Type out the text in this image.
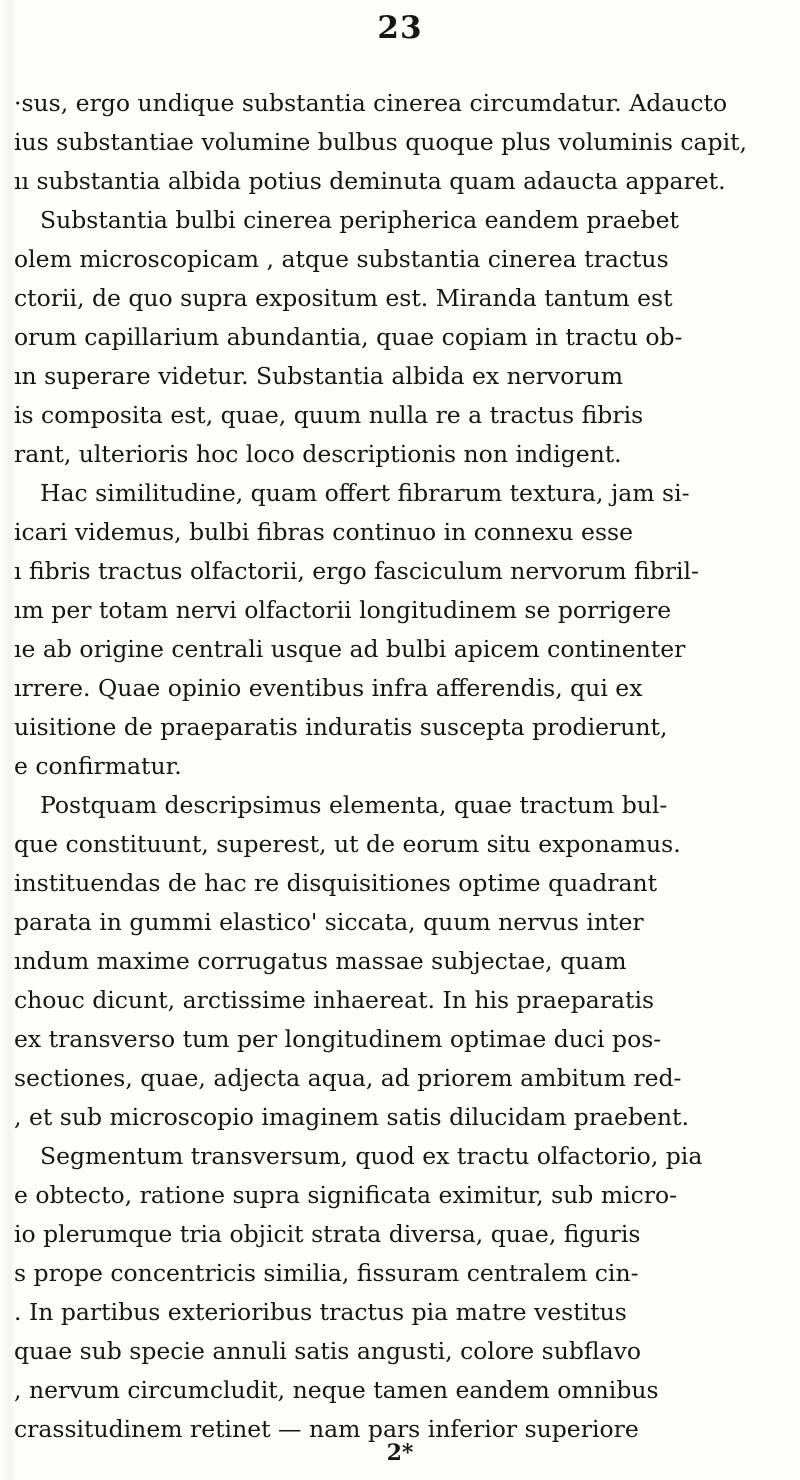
23
·sus, ergo undique substantia cinerea circumdatur. Adaucto
ius substantiae volumine bulbus quoque plus voluminis capit,
ıı substantia albida potius deminuta quam adaucta apparet.
Substantia bulbi cinerea peripherica eandem praebet
olem microscopicam , atque substantia cinerea tractus
ctorii, de quo supra expositum est. Miranda tantum est
orum capillarium abundantia, quae copiam in tractu ob-
ın superare videtur. Substantia albida ex nervorum
is composita est, quae, quum nulla re a tractus fibris
rant, ulterioris hoc loco descriptionis non indigent.
Hac similitudine, quam offert fibrarum textura, jam si-
icari videmus, bulbi fibras continuo in connexu esse
ı fibris tractus olfactorii, ergo fasciculum nervorum fibril-
ım per totam nervi olfactorii longitudinem se porrigere
ıe ab origine centrali usque ad bulbi apicem continenter
ırrere. Quae opinio eventibus infra afferendis, qui ex
uisitione de praeparatis induratis suscepta prodierunt,
e confirmatur.
Postquam descripsimus elementa, quae tractum bul-
que constituunt, superest, ut de eorum situ exponamus.
instituendas de hac re disquisitiones optime quadrant
parata in gummi elastico' siccata, quum nervus inter
ındum maxime corrugatus massae subjectae, quam
chouc dicunt, arctissime inhaereat. In his praeparatis
ex transverso tum per longitudinem optimae duci pos-
sectiones, quae, adjecta aqua, ad priorem ambitum red-
, et sub microscopio imaginem satis dilucidam praebent.
Segmentum transversum, quod ex tractu olfactorio, pia
e obtecto, ratione supra significata eximitur, sub micro-
io plerumque tria objicit strata diversa, quae, figuris
s prope concentricis similia, fissuram centralem cin-
. In partibus exterioribus tractus pia matre vestitus
quae sub specie annuli satis angusti, colore subflavo
, nervum circumcludit, neque tamen eandem omnibus
crassitudinem retinet — nam pars inferior superiore
2*
